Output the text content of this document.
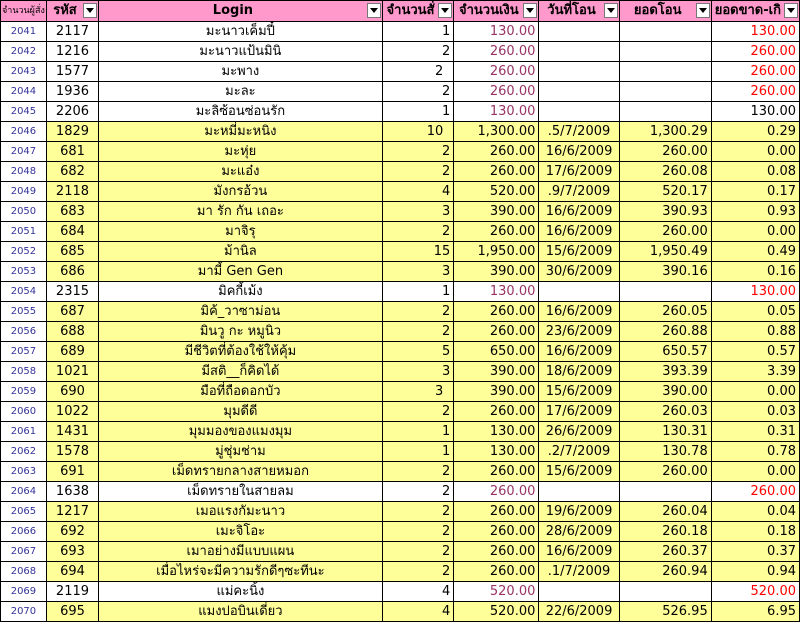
จำนวนผู้สั่ง	รหัส	Login	จำนวนสั่	จำนวนเงิน	วันที่โอน	ยอดโอน	ยอดขาด-เกิ

2041	2117	มะนาวเค็มปี๋	1	130.00			130.00
2042	1216	มะนาวแป้นมินิ	2	260.00			260.00
2043	1577	มะพาง	2	260.00			260.00
2044	1936	มะละ	2	260.00			260.00
2045	2206	มะลิซ้อนซ่อนรัก	1	130.00			130.00
2046	1829	มะหมี่มะหนิง	10	1,300.00	.5/7/2009	1,300.29	0.29
2047	681	มะหุ่ย	2	260.00	16/6/2009	260.00	0.00
2048	682	มะแอ๋ง	2	260.00	17/6/2009	260.08	0.08
2049	2118	มังกรอ้วน	4	520.00	.9/7/2009	520.17	0.17
2050	683	มา รัก กัน เถอะ	3	390.00	16/6/2009	390.93	0.93
2051	684	มาจิรุ	2	260.00	16/6/2009	260.00	0.00
2052	685	ม้านิล	15	1,950.00	15/6/2009	1,950.49	0.49
2053	686	มามี้ Gen Gen	3	390.00	30/6/2009	390.16	0.16
2054	2315	มิคกี้เม้ง	1	130.00			130.00
2055	687	มิค้_วาซาม่อน	2	260.00	16/6/2009	260.05	0.05
2056	688	มินวู กะ หมูนิว	2	260.00	23/6/2009	260.88	0.88
2057	689	มีชีวิตที่ต้องใช้ให้คุ้ม	5	650.00	16/6/2009	650.57	0.57
2058	1021	มีสติ__ก็คิดได้	3	390.00	18/6/2009	393.39	3.39
2059	690	มือที่ถือดอกบัว	3	390.00	15/6/2009	390.00	0.00
2060	1022	มุมดีดี	2	260.00	17/6/2009	260.03	0.03
2061	1431	มุมมองของแมงมุม	1	130.00	26/6/2009	130.31	0.31
2062	1578	มู่ชุ่มช่าม	1	130.00	.2/7/2009	130.78	0.78
2063	691	เม็ดทรายกลางสายหมอก	2	260.00	15/6/2009	260.00	0.00
2064	1638	เม็ดทรายในสายลม	2	260.00			260.00
2065	1217	เมอแรงกัมะนาว	2	260.00	19/6/2009	260.04	0.04
2066	692	เมะจิโอะ	2	260.00	28/6/2009	260.18	0.18
2067	693	เมาอย่างมีแบบแผน	2	260.00	16/6/2009	260.37	0.37
2068	694	เมื่อไหร่จะมีความรักดีๆซะทีนะ	2	260.00	.1/7/2009	260.94	0.94
2069	2119	แม่คะนิ้ง	4	520.00			520.00
2070	695	แมงปอบินเดี่ยว	4	520.00	22/6/2009	526.95	6.95
